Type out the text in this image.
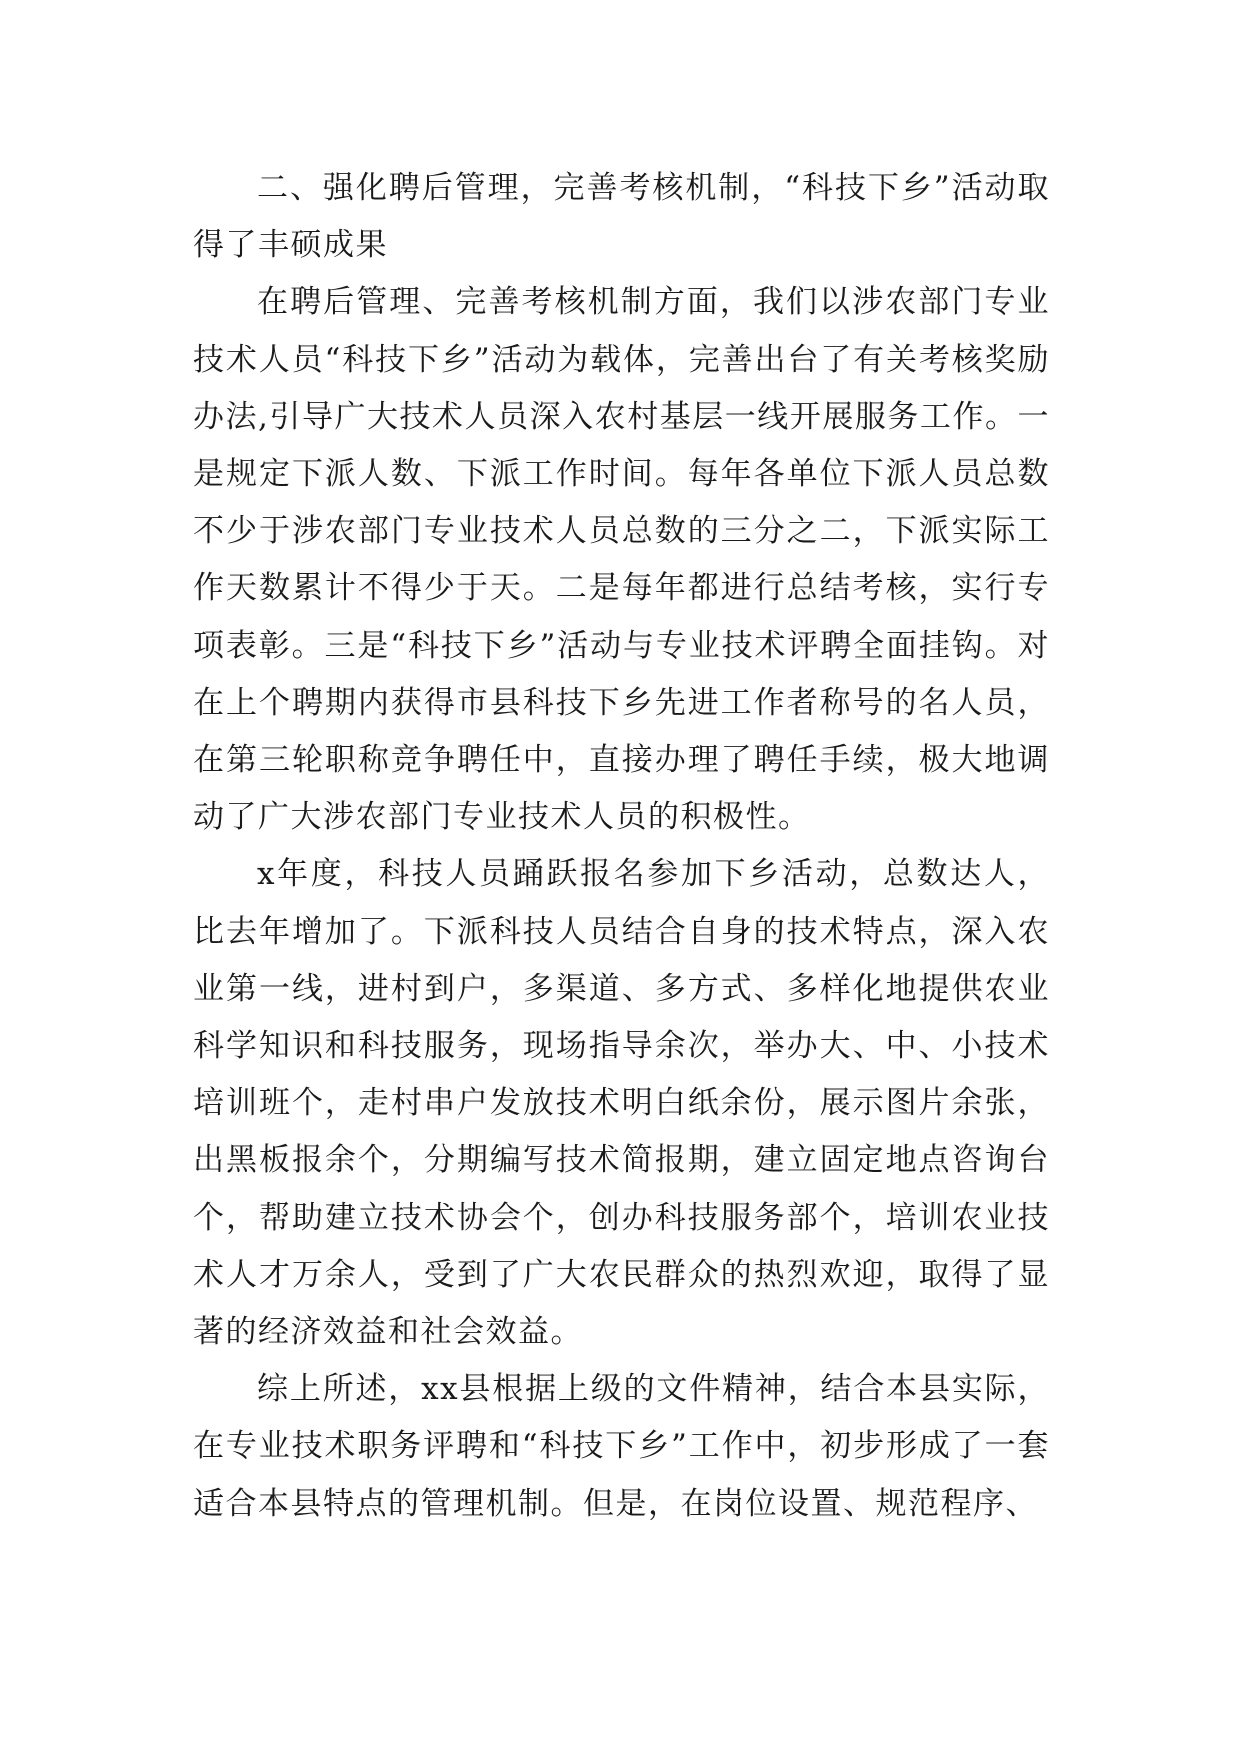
二、强化聘后管理，完善考核机制，“科技下乡”活动取得了丰硕成果

在聘后管理、完善考核机制方面，我们以涉农部门专业技术人员“科技下乡”活动为载体，完善出台了有关考核奖励办法,引导广大技术人员深入农村基层一线开展服务工作。一是规定下派人数、下派工作时间。每年各单位下派人员总数不少于涉农部门专业技术人员总数的三分之二，下派实际工作天数累计不得少于天。二是每年都进行总结考核，实行专项表彰。三是“科技下乡”活动与专业技术评聘全面挂钩。对在上个聘期内获得市县科技下乡先进工作者称号的名人员，在第三轮职称竞争聘任中，直接办理了聘任手续，极大地调动了广大涉农部门专业技术人员的积极性。

x年度，科技人员踊跃报名参加下乡活动，总数达人，比去年增加了。下派科技人员结合自身的技术特点，深入农业第一线，进村到户，多渠道、多方式、多样化地提供农业科学知识和科技服务，现场指导余次，举办大、中、小技术培训班个，走村串户发放技术明白纸余份，展示图片余张，出黑板报余个，分期编写技术简报期，建立固定地点咨询台个，帮助建立技术协会个，创办科技服务部个，培训农业技术人才万余人，受到了广大农民群众的热烈欢迎，取得了显著的经济效益和社会效益。

综上所述，xx县根据上级的文件精神，结合本县实际，在专业技术职务评聘和“科技下乡”工作中，初步形成了一套适合本县特点的管理机制。但是，在岗位设置、规范程序、
